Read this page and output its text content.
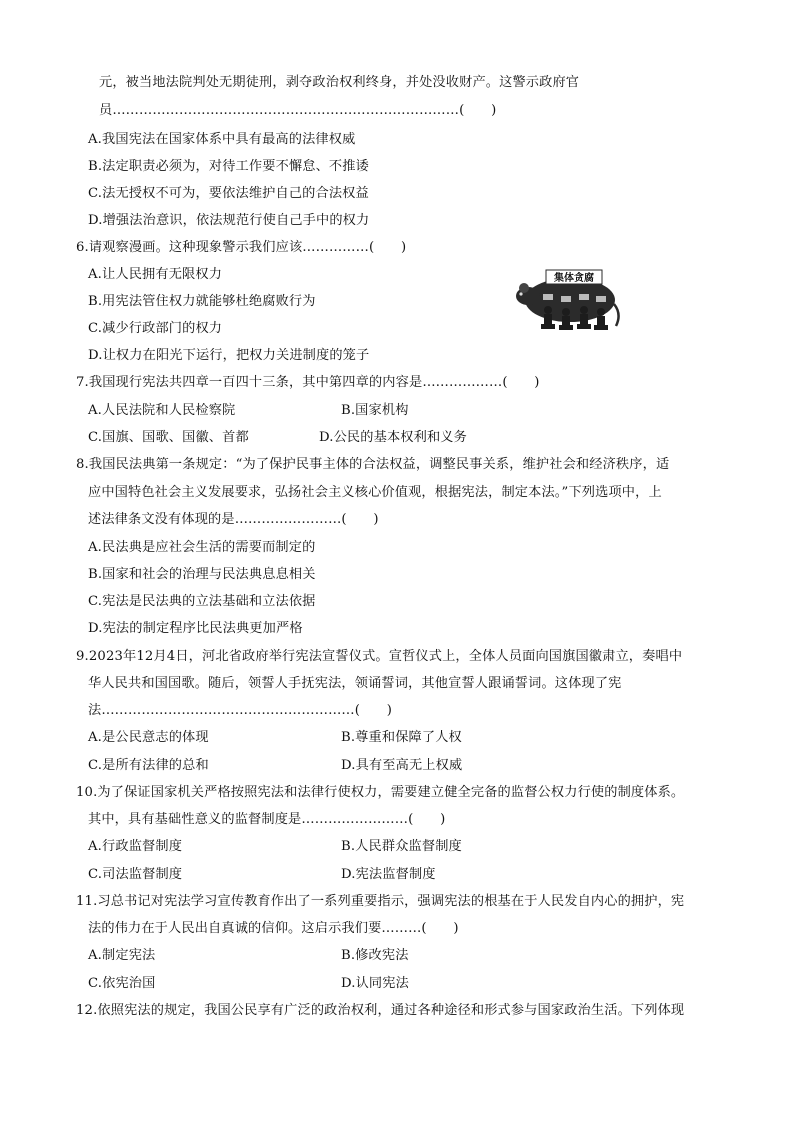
元，被当地法院判处无期徒刑，剥夺政治权利终身，并处没收财产。这警示政府官
员……………………………………………………………………(　　)
A.我国宪法在国家体系中具有最高的法律权威
B.法定职责必须为，对待工作要不懈怠、不推诿
C.法无授权不可为，要依法维护自己的合法权益
D.增强法治意识，依法规范行使自己手中的权力
6.请观察漫画。这种现象警示我们应该……………(　　)
A.让人民拥有无限权力
B.用宪法管住权力就能够杜绝腐败行为
C.减少行政部门的权力
D.让权力在阳光下运行，把权力关进制度的笼子
集体贪腐
7.我国现行宪法共四章一百四十三条，其中第四章的内容是………………(　　)
A.人民法院和人民检察院	B.国家机构
C.国旗、国歌、国徽、首都	D.公民的基本权利和义务
8.我国民法典第一条规定：“为了保护民事主体的合法权益，调整民事关系，维护社会和经济秩序，适
应中国特色社会主义发展要求，弘扬社会主义核心价值观，根据宪法，制定本法。”下列选项中，上
述法律条文没有体现的是……………………(　　)
A.民法典是应社会生活的需要而制定的
B.国家和社会的治理与民法典息息相关
C.宪法是民法典的立法基础和立法依据
D.宪法的制定程序比民法典更加严格
9.2023年12月4日，河北省政府举行宪法宣誓仪式。宣哲仪式上，全体人员面向国旗国徽肃立，奏唱中
华人民共和国国歌。随后，领誓人手抚宪法，领诵誓词，其他宣誓人跟诵誓词。这体现了宪
法…………………………………………………(　　)
A.是公民意志的体现	B.尊重和保障了人权
C.是所有法律的总和	D.具有至高无上权威
10.为了保证国家机关严格按照宪法和法律行使权力，需要建立健全完备的监督公权力行使的制度体系。
其中，具有基础性意义的监督制度是……………………(　　)
A.行政监督制度	B.人民群众监督制度
C.司法监督制度	D.宪法监督制度
11.习总书记对宪法学习宣传教育作出了一系列重要指示，强调宪法的根基在于人民发自内心的拥护，宪
法的伟力在于人民出自真诚的信仰。这启示我们要………(　　)
A.制定宪法	B.修改宪法
C.依宪治国	D.认同宪法
12.依照宪法的规定，我国公民享有广泛的政治权利，通过各种途径和形式参与国家政治生活。下列体现
